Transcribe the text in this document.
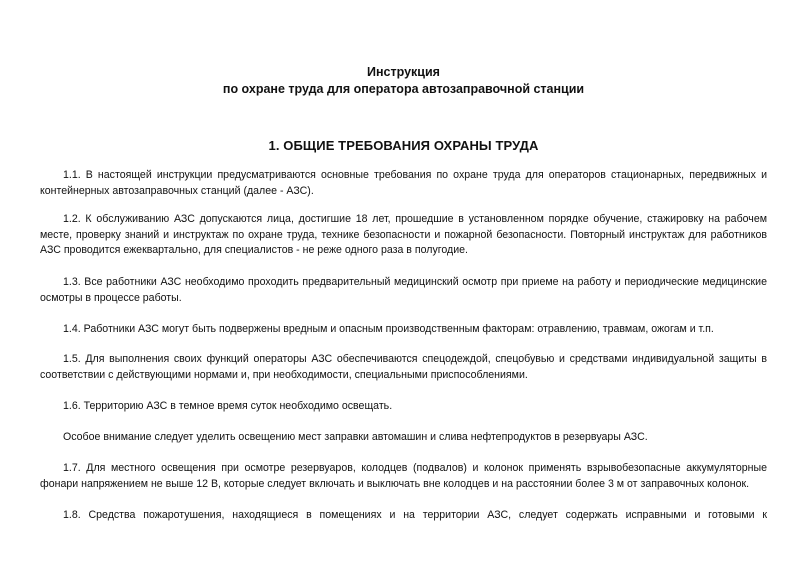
Инструкция
по охране труда для оператора автозаправочной станции
1. ОБЩИЕ ТРЕБОВАНИЯ ОХРАНЫ ТРУДА

1.1. В настоящей инструкции предусматриваются основные требования по охране труда для операторов стационарных, передвижных и контейнерных автозаправочных станций (далее - АЗС).

1.2. К обслуживанию АЗС допускаются лица, достигшие 18 лет, прошедшие в установленном порядке обучение, стажировку на рабочем месте, проверку знаний и инструктаж по охране труда, технике безопасности и пожарной безопасности. Повторный инструктаж для работников АЗС проводится ежеквартально, для специалистов - не реже одного раза в полугодие.

1.3. Все работники АЗС необходимо проходить предварительный медицинский осмотр при приеме на работу и периодические медицинские осмотры в процессе работы.

1.4. Работники АЗС могут быть подвержены вредным и опасным производственным факторам: отравлению, травмам, ожогам и т.п.

1.5. Для выполнения своих функций операторы АЗС обеспечиваются спецодеждой, спецобувью и средствами индивидуальной защиты в соответствии с действующими нормами и, при необходимости, специальными приспособлениями.

1.6. Территорию АЗС в темное время суток необходимо освещать.

Особое внимание следует уделить освещению мест заправки автомашин и слива нефтепродуктов в резервуары АЗС.

1.7. Для местного освещения при осмотре резервуаров, колодцев (подвалов) и колонок применять взрывобезопасные аккумуляторные фонари напряжением не выше 12 В, которые следует включать и выключать вне колодцев и на расстоянии более 3 м от заправочных колонок.

1.8. Средства пожаротушения, находящиеся в помещениях и на территории АЗС, следует содержать исправными и готовыми к
